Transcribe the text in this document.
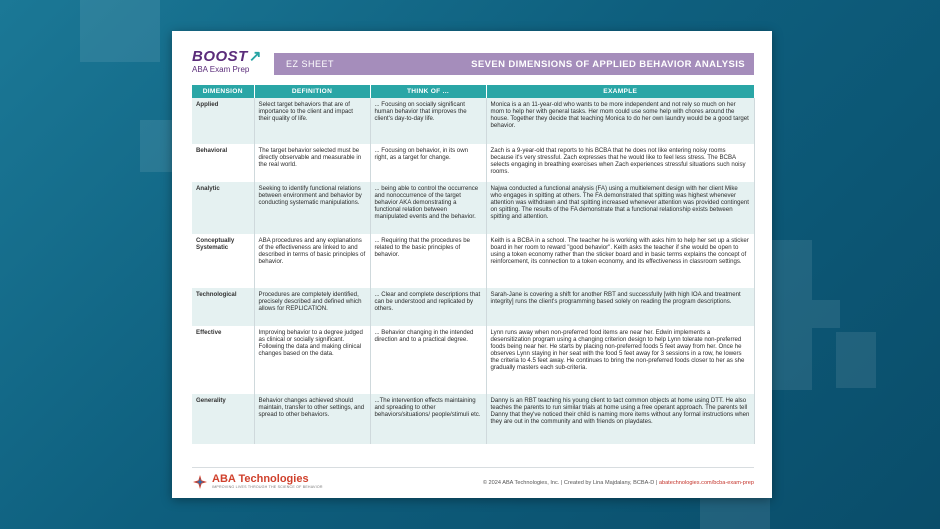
BOOST↗
ABA Exam Prep
EZ SHEET	SEVEN DIMENSIONS OF APPLIED BEHAVIOR ANALYSIS
DIMENSION	DEFINITION	THINK OF ...	EXAMPLE
Applied	Select target behaviors that are of importance to the client and impact their quality of life.	... Focusing on socially significant human behavior that improves the client's day-to-day life.	Monica is a an 11-year-old who wants to be more independent and not rely so much on her mom to help her with general tasks. Her mom could use some help with chores around the house. Together they decide that teaching Monica to do her own laundry would be a good target behavior.
Behavioral	The target behavior selected must be directly observable and measurable in the real world.	... Focusing on behavior, in its own right, as a target for change.	Zach is a 9-year-old that reports to his BCBA that he does not like entering noisy rooms because it's very stressful. Zach expresses that he would like to feel less stress. The BCBA selects engaging in breathing exercises when Zach experiences stressful situations such noisy rooms.
Analytic	Seeking to identify functional relations between environment and behavior by conducting systematic manipulations.	... being able to control the occurrence and nonoccurrence of the target behavior AKA demonstrating a functional relation between manipulated events and the behavior.	Najwa conducted a functional analysis (FA) using a multielement design with her client Mike who engages in spitting at others. The FA demonstrated that spitting was highest whenever attention was withdrawn and that spitting increased whenever attention was provided contingent on spitting. The results of the FA demonstrate that a functional relationship exists between spitting and attention.
Conceptually Systematic	ABA procedures and any explanations of the effectiveness are linked to and described in terms of basic principles of behavior.	... Requiring that the procedures be related to the basic principles of behavior.	Keith is a BCBA in a school. The teacher he is working with asks him to help her set up a sticker board in her room to reward "good behavior". Keith asks the teacher if she would be open to using a token economy rather than the sticker board and in basic terms explains the concept of reinforcement, its connection to a token economy, and its effectiveness in classroom settings.
Technological	Procedures are completely identified, precisely described and defined which allows for REPLICATION.	... Clear and complete descriptions that can be understood and replicated by others.	Sarah-Jane is covering a shift for another RBT and successfully [with high IOA and treatment integrity] runs the client's programming based solely on reading the program descriptions.
Effective	Improving behavior to a degree judged as clinical or socially significant. Following the data and making clinical changes based on the data.	... Behavior changing in the intended direction and to a practical degree.	Lynn runs away when non-preferred food items are near her. Edwin implements a desensitization program using a changing criterion design to help Lynn tolerate non-preferred foods being near her. He starts by placing non-preferred foods 5 feet away from her. Once he observes Lynn staying in her seat with the food 5 feet away for 3 sessions in a row, he lowers the criteria to 4.5 feet away. He continues to bring the non-preferred foods closer to her as she gradually masters each sub-criteria.
Generality	Behavior changes achieved should maintain, transfer to other settings, and spread to other behaviors.	...The intervention effects maintaining and spreading to other behaviors/situations/ people/stimuli etc.	Danny is an RBT teaching his young client to tact common objects at home using DTT. He also teaches the parents to run similar trials at home using a free operant approach. The parents tell Danny that they've noticed their child is naming more items without any formal instructions when they are out in the community and with friends on playdates.
ABA Technologies
IMPROVING LIVES THROUGH THE SCIENCE OF BEHAVIOR
© 2024 ABA Technologies, Inc. | Created by Lina Majdalany, BCBA-D | abatechnologies.com/bcba-exam-prep
